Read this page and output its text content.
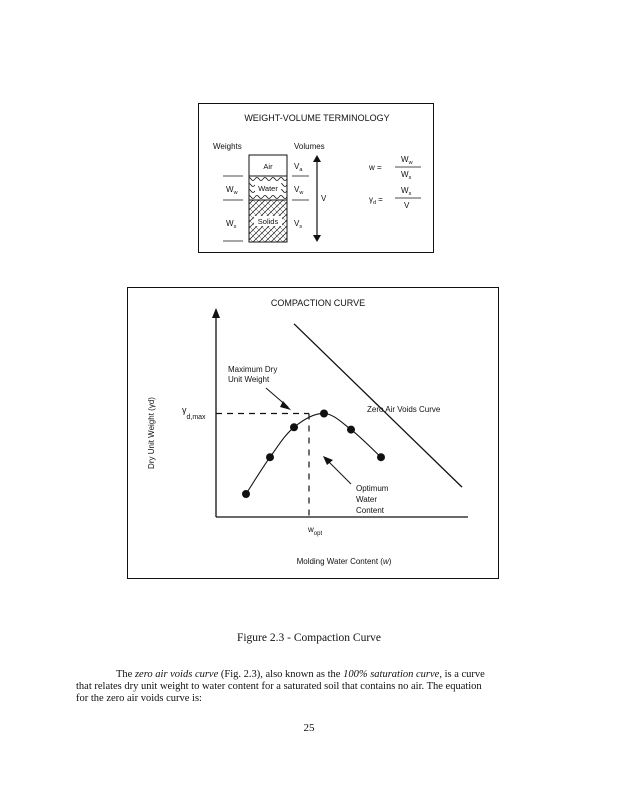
WEIGHT-VOLUME TERMINOLOGY
Weights	Volumes
Air
Water
Solids
$W_w$
$W_s$
$V_a$
$V_w$
$V_s$
V
w =
$W_w$
$W_s$
$\gamma_d$ =
$W_s$
V
COMPACTION CURVE
Dry Unit Weight (γd)	$\gamma_{d,max}$
$w_{opt}$
Molding Water Content (w)
Maximum Dry Unit Weight
Zero Air Voids Curve
Optimum Water Content
Figure 2.3 - Compaction Curve
The zero air voids curve (Fig. 2.3), also known as the 100% saturation curve, is a curve
that relates dry unit weight to water content for a saturated soil that contains no air. The equation
for the zero air voids curve is:
25
